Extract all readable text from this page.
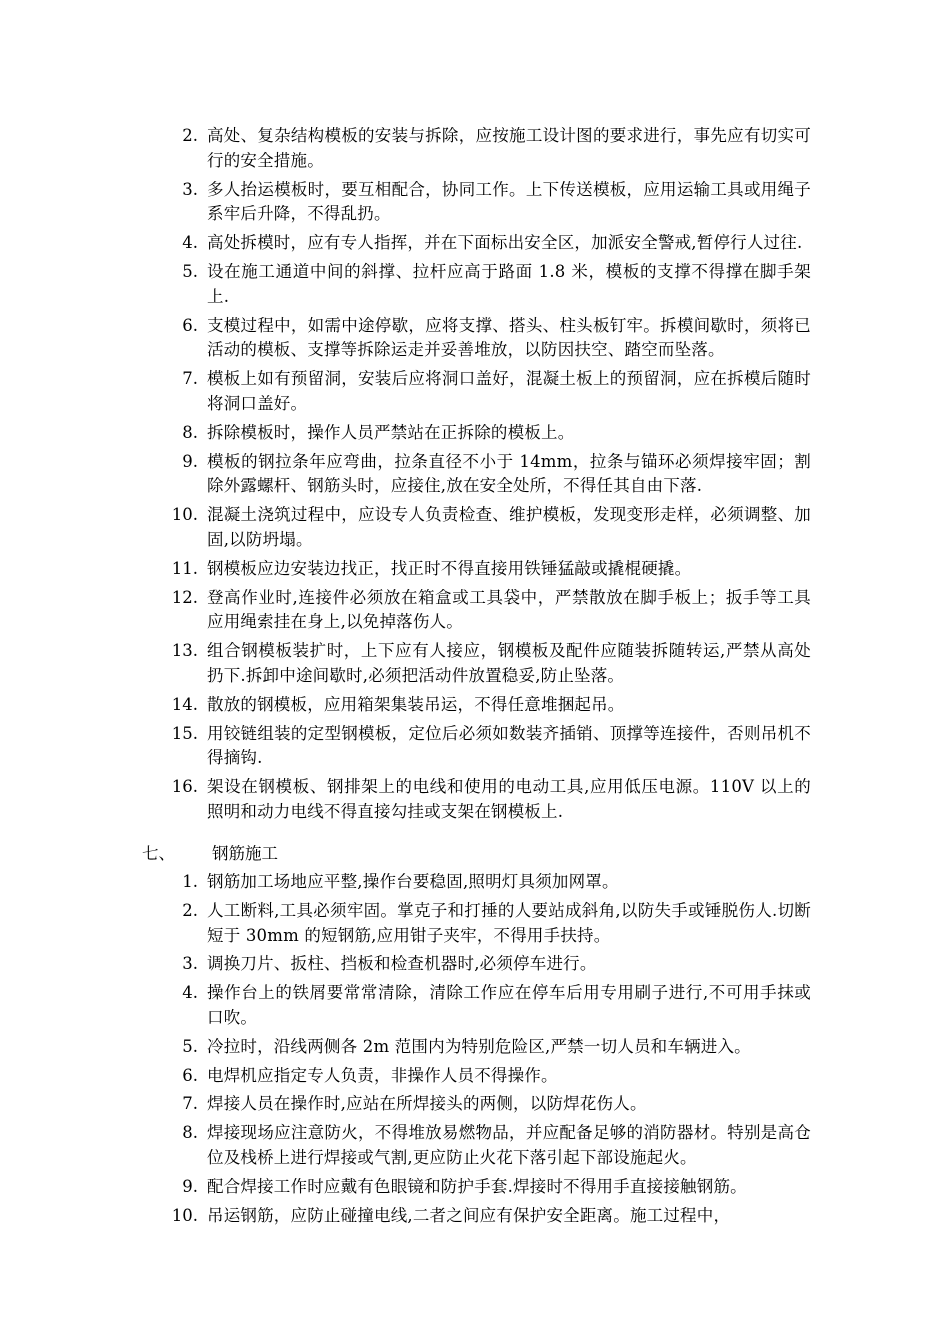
2. 高处、复杂结构模板的安装与拆除，应按施工设计图的要求进行，事先应有切实可行的安全措施。
3. 多人抬运模板时，要互相配合，协同工作。上下传送模板，应用运输工具或用绳子系牢后升降，不得乱扔。
4. 高处拆模时，应有专人指挥，并在下面标出安全区，加派安全警戒,暂停行人过往.
5. 设在施工通道中间的斜撑、拉杆应高于路面 1.8 米，模板的支撑不得撑在脚手架上.
6. 支模过程中，如需中途停歇，应将支撑、搭头、柱头板钉牢。拆模间歇时，须将已活动的模板、支撑等拆除运走并妥善堆放，以防因扶空、踏空而坠落。
7. 模板上如有预留洞，安装后应将洞口盖好，混凝土板上的预留洞，应在拆模后随时将洞口盖好。
8. 拆除模板时，操作人员严禁站在正拆除的模板上。
9. 模板的钢拉条年应弯曲，拉条直径不小于 14mm，拉条与锚环必须焊接牢固；割除外露螺杆、钢筋头时，应接住,放在安全处所，不得任其自由下落.
10. 混凝土浇筑过程中，应设专人负责检查、维护模板，发现变形走样，必须调整、加固,以防坍塌。
11. 钢模板应边安装边找正，找正时不得直接用铁锤猛敲或撬棍硬撬。
12. 登高作业时,连接件必须放在箱盒或工具袋中，严禁散放在脚手板上；扳手等工具应用绳索挂在身上,以免掉落伤人。
13. 组合钢模板装扩时，上下应有人接应，钢模板及配件应随装拆随转运,严禁从高处扔下.拆卸中途间歇时,必须把活动件放置稳妥,防止坠落。
14. 散放的钢模板，应用箱架集装吊运，不得任意堆捆起吊。
15. 用铰链组装的定型钢模板，定位后必须如数装齐插销、顶撑等连接件，否则吊机不得摘钩.
16. 架设在钢模板、钢排架上的电线和使用的电动工具,应用低压电源。110V 以上的照明和动力电线不得直接勾挂或支架在钢模板上.
七、 钢筋施工
1. 钢筋加工场地应平整,操作台要稳固,照明灯具须加网罩。
2. 人工断料,工具必须牢固。掌克子和打捶的人要站成斜角,以防失手或锤脱伤人.切断短于 30mm 的短钢筋,应用钳子夹牢，不得用手扶持。
3. 调换刀片、扳柱、挡板和检查机器时,必须停车进行。
4. 操作台上的铁屑要常常清除，清除工作应在停车后用专用刷子进行,不可用手抹或口吹。
5. 冷拉时，沿线两侧各 2m 范围内为特别危险区,严禁一切人员和车辆进入。
6. 电焊机应指定专人负责，非操作人员不得操作。
7. 焊接人员在操作时,应站在所焊接头的两侧，以防焊花伤人。
8. 焊接现场应注意防火，不得堆放易燃物品，并应配备足够的消防器材。特别是高仓位及栈桥上进行焊接或气割,更应防止火花下落引起下部设施起火。
9. 配合焊接工作时应戴有色眼镜和防护手套.焊接时不得用手直接接触钢筋。
10. 吊运钢筋，应防止碰撞电线,二者之间应有保护安全距离。施工过程中，
